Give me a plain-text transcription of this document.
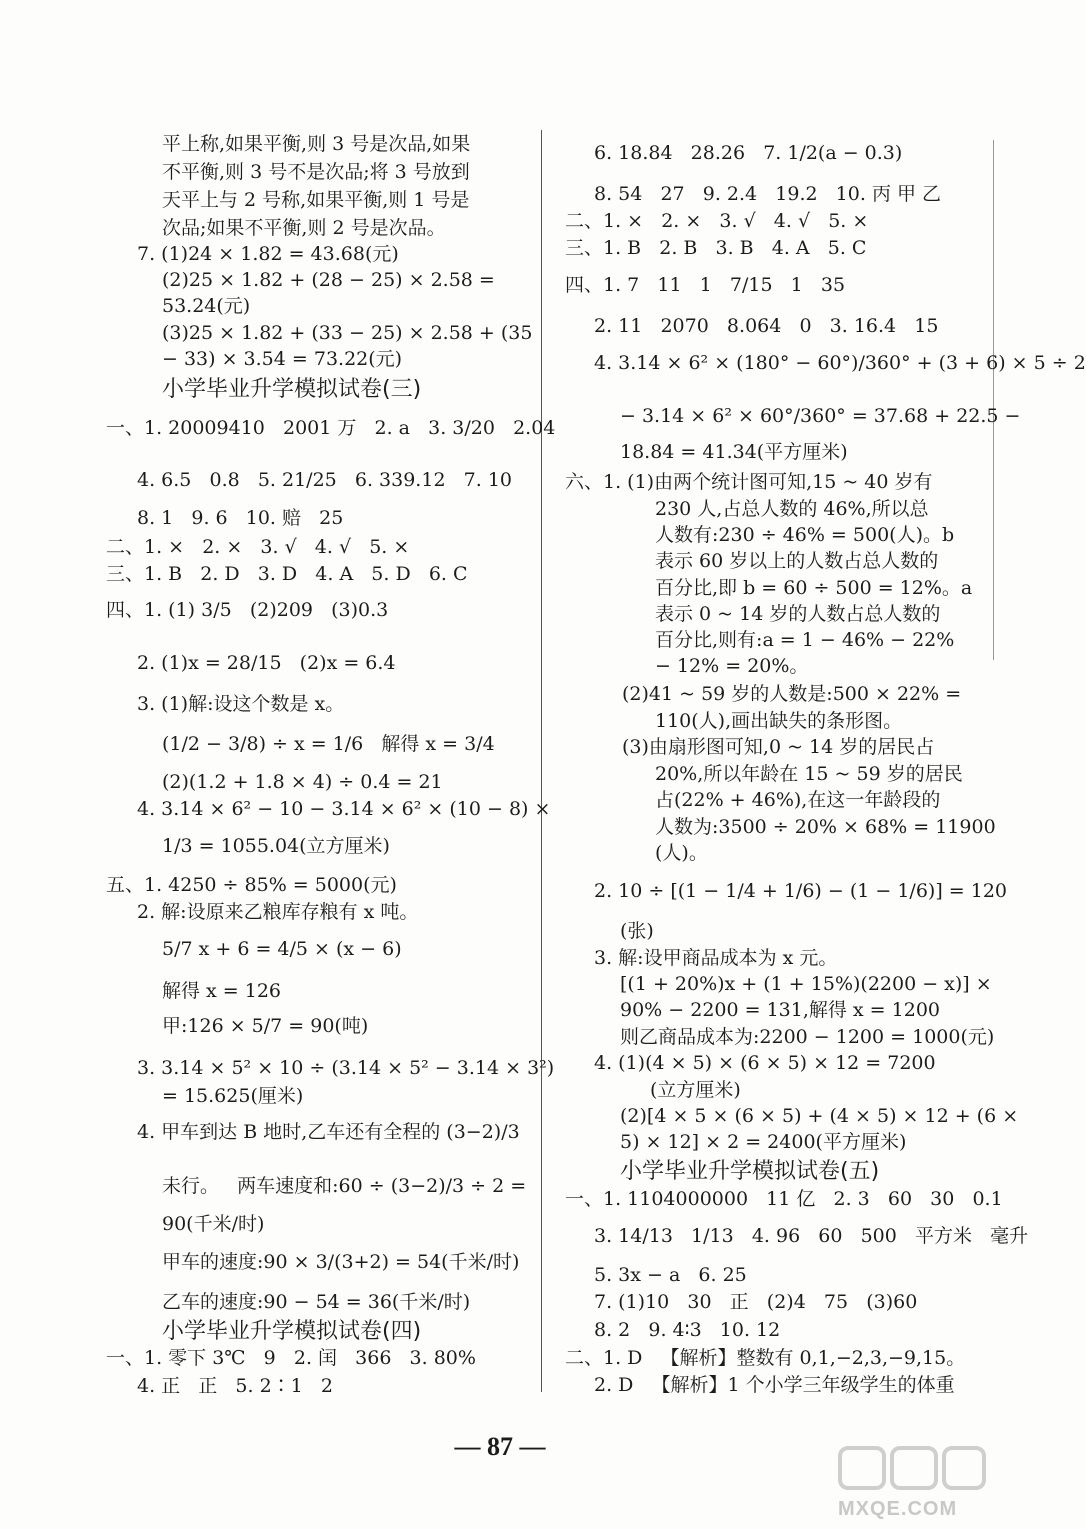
平上称,如果平衡,则 3 号是次品,如果
不平衡,则 3 号不是次品;将 3 号放到
天平上与 2 号称,如果平衡,则 1 号是
次品;如果不平衡,则 2 号是次品。
7. (1)24 × 1.82 = 43.68(元)
(2)25 × 1.82 + (28 − 25) × 2.58 =
53.24(元)
(3)25 × 1.82 + (33 − 25) × 2.58 + (35
− 33) × 3.54 = 73.22(元)
一、1. 20009410   2001 万   2. a   3. 3/20   2.04
4. 6.5   0.8   5. 21/25   6. 339.12   7. 10
8. 1   9. 6   10. 赔   25
二、1. ×   2. ×   3. √   4. √   5. ×
三、1. B   2. D   3. D   4. A   5. D   6. C
四、1. (1) 3/5   (2)209   (3)0.3
2. (1)x = 28/15   (2)x = 6.4
3. (1)解:设这个数是 x。
(1/2 − 3/8) ÷ x = 1/6   解得 x = 3/4
(2)(1.2 + 1.8 × 4) ÷ 0.4 = 21
4. 3.14 × 6² − 10 − 3.14 × 6² × (10 − 8) ×
1/3 = 1055.04(立方厘米)
五、1. 4250 ÷ 85% = 5000(元)
2. 解:设原来乙粮库存粮有 x 吨。
5/7 x + 6 = 4/5 × (x − 6)
解得 x = 126
甲:126 × 5/7 = 90(吨)
3. 3.14 × 5² × 10 ÷ (3.14 × 5² − 3.14 × 3²)
= 15.625(厘米)
4. 甲车到达 B 地时,乙车还有全程的 (3−2)/3
未行。   两车速度和:60 ÷ (3−2)/3 ÷ 2 =
90(千米/时)
甲车的速度:90 × 3/(3+2) = 54(千米/时)
乙车的速度:90 − 54 = 36(千米/时)
一、1. 零下 3℃   9   2. 闰   366   3. 80%
4. 正   正   5. 2∶1   2
6. 18.84   28.26   7. 1/2(a − 0.3)
8. 54   27   9. 2.4   19.2   10. 丙 甲 乙
二、1. ×   2. ×   3. √   4. √   5. ×
三、1. B   2. B   3. B   4. A   5. C
四、1. 7   11   1   7/15   1   35
2. 11   2070   8.064   0   3. 16.4   15
4. 3.14 × 6² × (180° − 60°)/360° + (3 + 6) × 5 ÷ 2
− 3.14 × 6² × 60°/360° = 37.68 + 22.5 −
18.84 = 41.34(平方厘米)
六、1. (1)由两个统计图可知,15 ~ 40 岁有
230 人,占总人数的 46%,所以总
人数有:230 ÷ 46% = 500(人)。b
表示 60 岁以上的人数占总人数的
百分比,即 b = 60 ÷ 500 = 12%。a
表示 0 ~ 14 岁的人数占总人数的
百分比,则有:a = 1 − 46% − 22%
− 12% = 20%。
(2)41 ~ 59 岁的人数是:500 × 22% =
110(人),画出缺失的条形图。
(3)由扇形图可知,0 ~ 14 岁的居民占
20%,所以年龄在 15 ~ 59 岁的居民
占(22% + 46%),在这一年龄段的
人数为:3500 ÷ 20% × 68% = 11900
(人)。
2. 10 ÷ [(1 − 1/4 + 1/6) − (1 − 1/6)] = 120
(张)
3. 解:设甲商品成本为 x 元。
[(1 + 20%)x + (1 + 15%)(2200 − x)] ×
90% − 2200 = 131,解得 x = 1200
则乙商品成本为:2200 − 1200 = 1000(元)
4. (1)(4 × 5) × (6 × 5) × 12 = 7200
(立方厘米)
(2)[4 × 5 × (6 × 5) + (4 × 5) × 12 + (6 ×
5) × 12] × 2 = 2400(平方厘米)
一、1. 1104000000   11 亿   2. 3   60   30   0.1
3. 14/13   1/13   4. 96   60   500   平方米   毫升
5. 3x − a   6. 25
7. (1)10   30   正   (2)4   75   (3)60
8. 2   9. 4∶3   10. 12
二、1. D   【解析】整数有 0,1,−2,3,−9,15。
2. D   【解析】1 个小学三年级学生的体重
小学毕业升学模拟试卷(三)
小学毕业升学模拟试卷(四)
小学毕业升学模拟试卷(五)
— 87 —
MXQE.COM
